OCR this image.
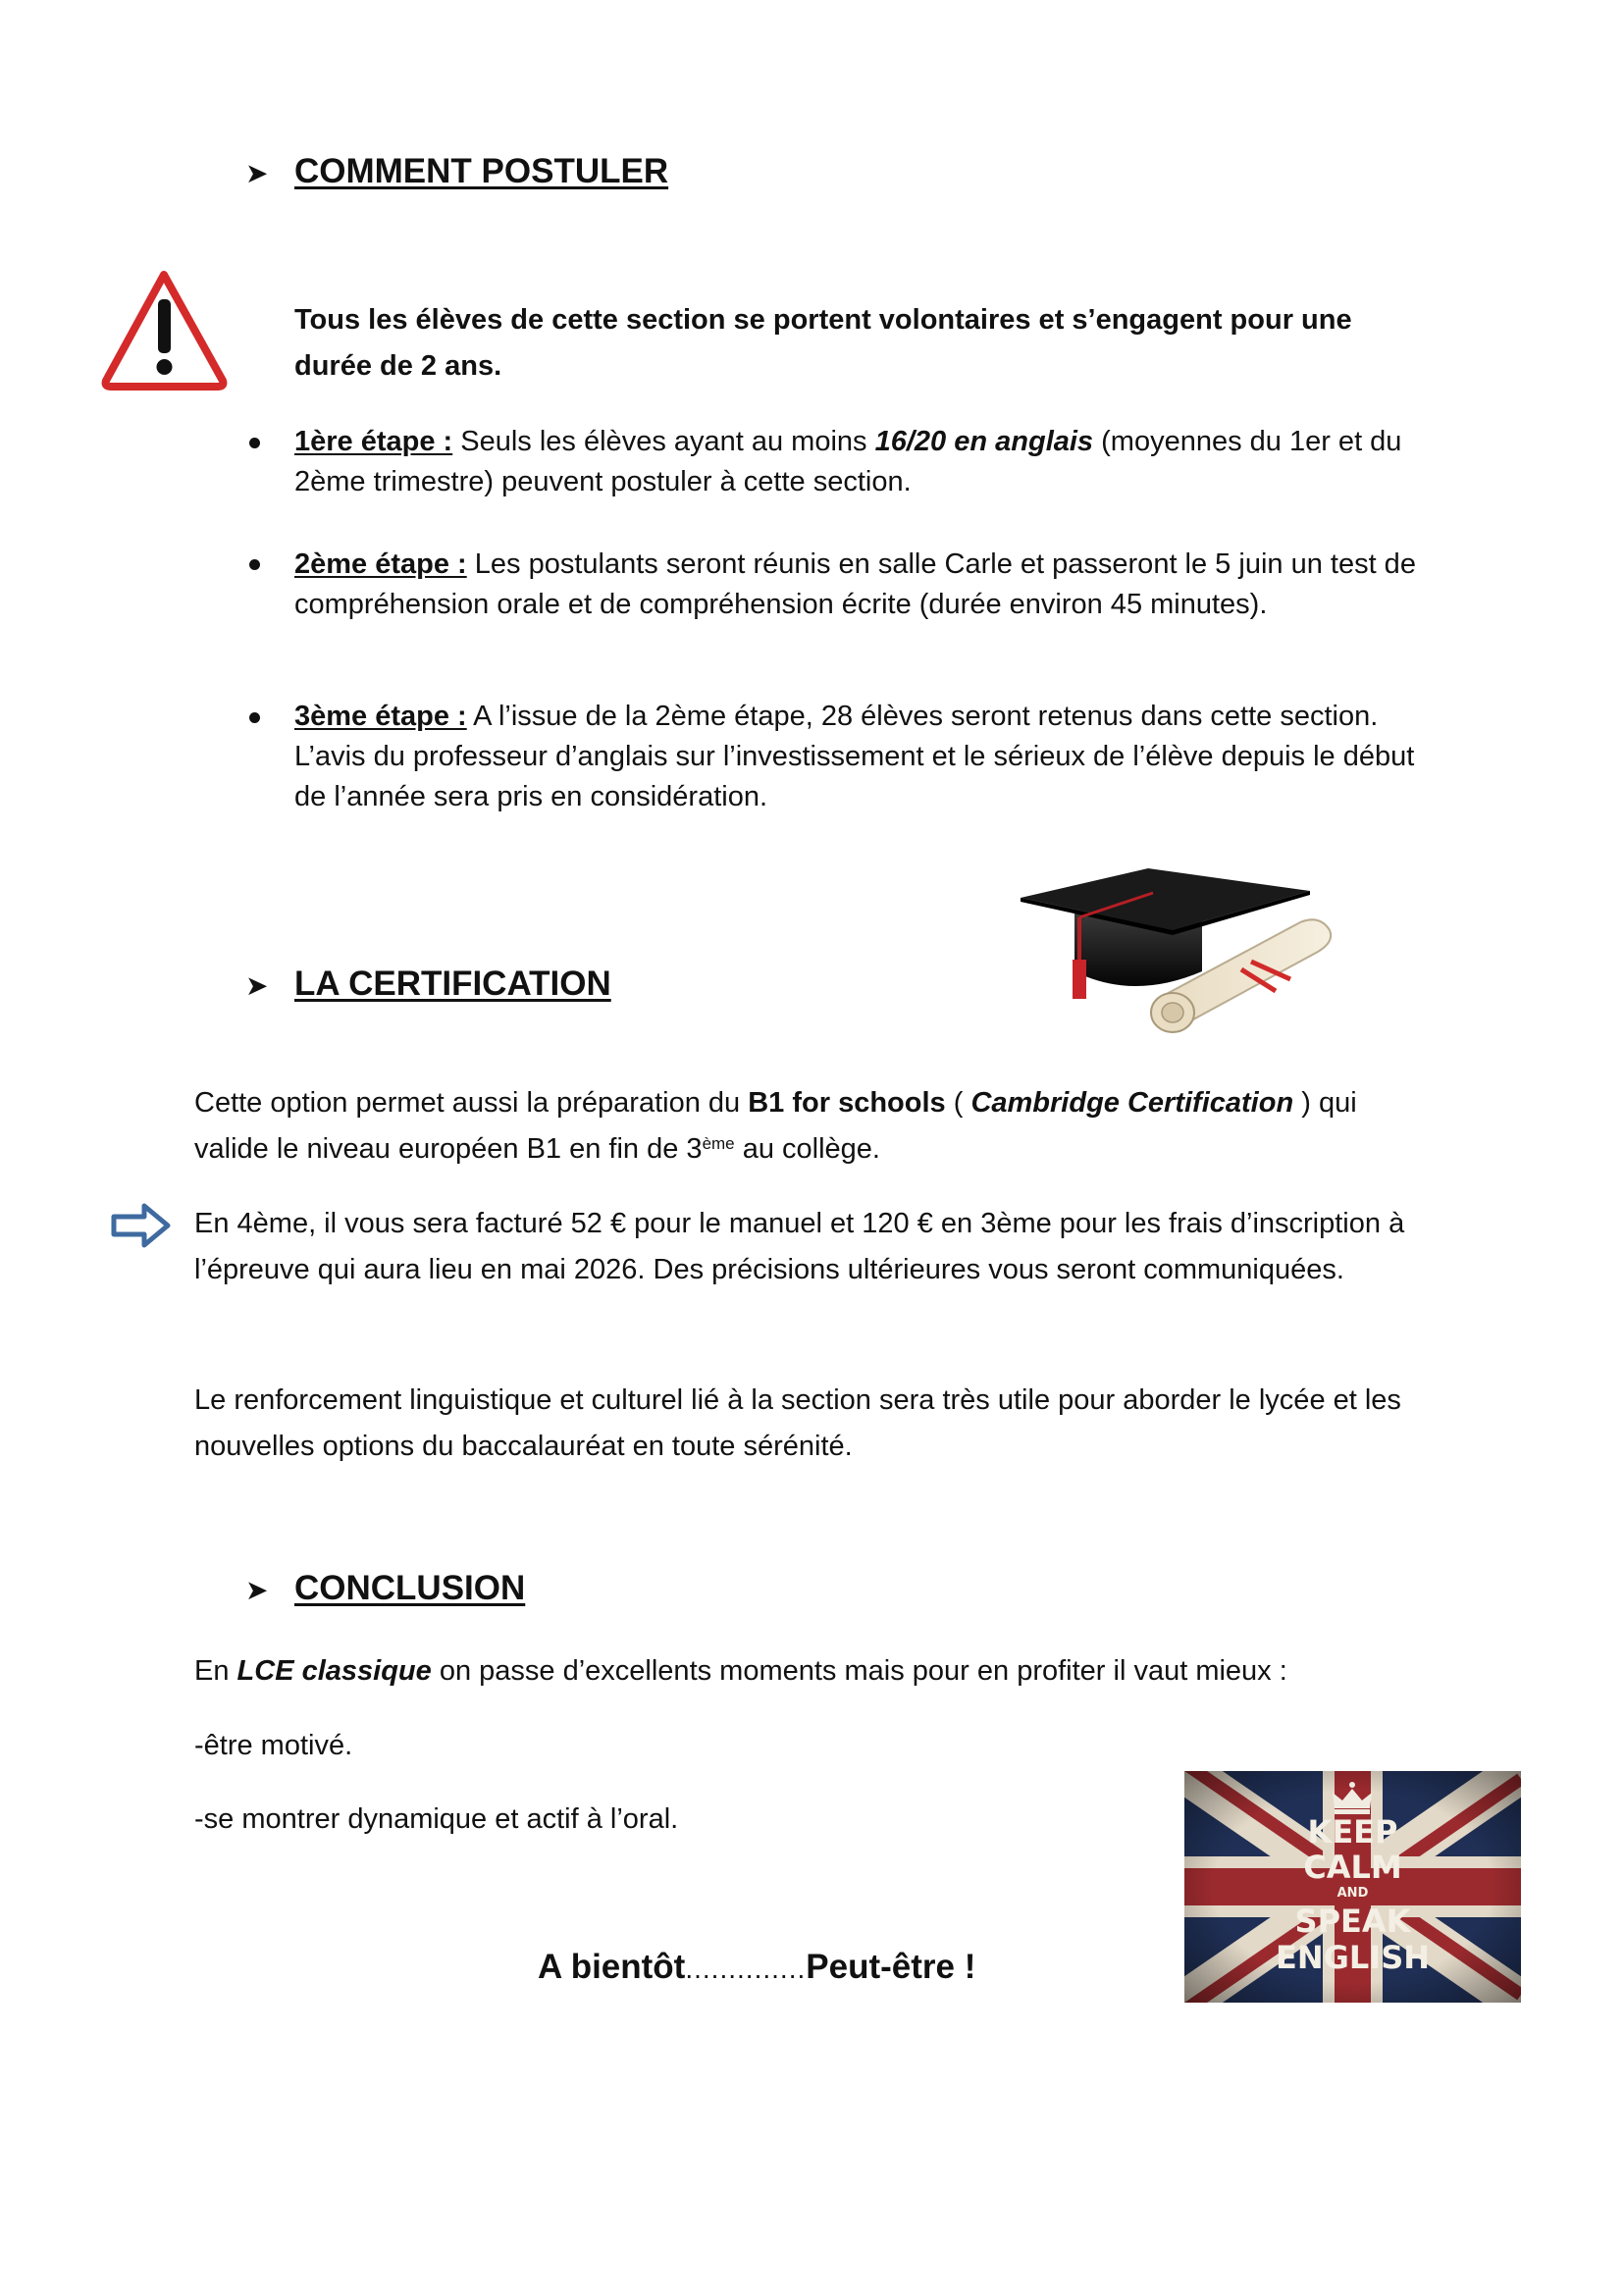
➤ COMMENT POSTULER
Tous les élèves de cette section se portent volontaires et s’engagent pour une durée de 2 ans.
1ère étape : Seuls les élèves ayant au moins 16/20 en anglais (moyennes du 1er et du 2ème trimestre) peuvent postuler à cette section.
2ème étape : Les postulants seront réunis en salle Carle et passeront le 5 juin un test de compréhension orale et de compréhension écrite (durée environ 45 minutes).
3ème étape : A l’issue de la 2ème étape, 28 élèves seront retenus dans cette section. L’avis du professeur d’anglais sur l’investissement et le sérieux de l’élève depuis le début de l’année sera pris en considération.
➤ LA CERTIFICATION
Cette option permet aussi la préparation du B1 for schools ( Cambridge Certification ) qui valide le niveau européen B1 en fin de 3ème au collège.
En 4ème, il vous sera facturé 52 € pour le manuel et 120 € en 3ème pour les frais d’inscription à l’épreuve qui aura lieu en mai 2026. Des précisions ultérieures vous seront communiquées.
Le renforcement linguistique et culturel lié à la section sera très utile pour aborder le lycée et les nouvelles options du baccalauréat en toute sérénité.
➤ CONCLUSION
En LCE classique on passe d’excellents moments mais pour en profiter il vaut mieux :
-être motivé.
-se montrer dynamique et actif à l’oral.
A bientôt..............Peut-être !
KEEP
CALM
AND
SPEAK
ENGLISH
